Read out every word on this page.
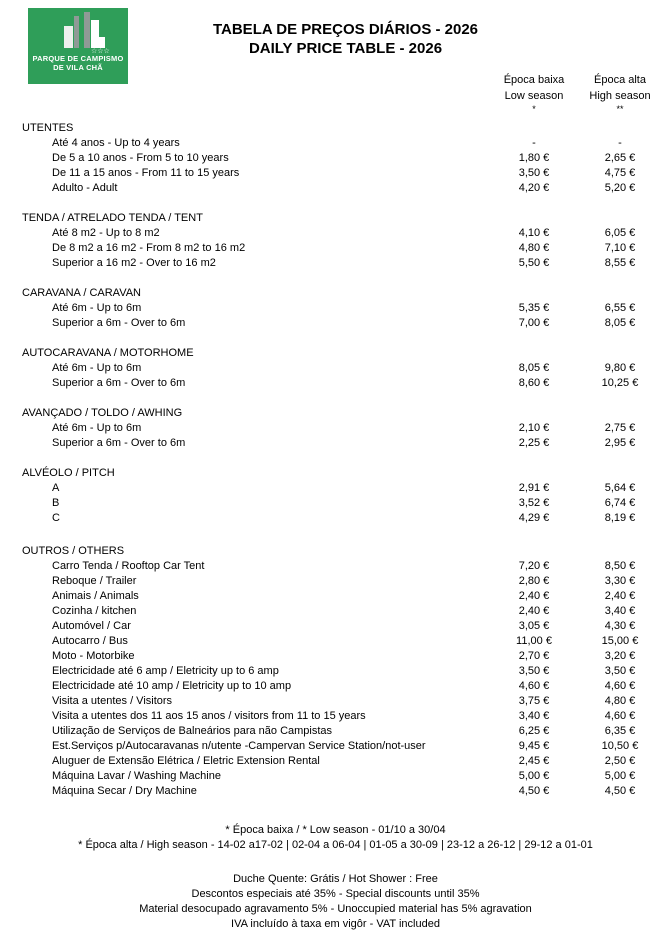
☆☆☆
PARQUE DE CAMPISMO
DE VILA CHÃ
TABELA DE PREÇOS DIÁRIOS - 2026
DAILY PRICE TABLE - 2026
Época baixa
Low season
*
Época alta
High season
**
UTENTES
Até 4 anos - Up to 4 years	-	-
De 5 a 10 anos - From 5 to 10 years	1,80 €	2,65 €
De 11 a 15 anos - From 11 to 15 years	3,50 €	4,75 €
Adulto - Adult	4,20 €	5,20 €
TENDA / ATRELADO TENDA / TENT
Até 8 m2 - Up to 8 m2	4,10 €	6,05 €
De 8 m2 a 16 m2 - From 8 m2 to 16 m2	4,80 €	7,10 €
Superior a 16 m2 - Over to 16 m2	5,50 €	8,55 €
CARAVANA / CARAVAN
Até 6m - Up to 6m	5,35 €	6,55 €
Superior a 6m - Over to 6m	7,00 €	8,05 €
AUTOCARAVANA / MOTORHOME
Até 6m - Up to 6m	8,05 €	9,80 €
Superior a 6m - Over to 6m	8,60 €	10,25 €
AVANÇADO / TOLDO / AWHING
Até 6m - Up to 6m	2,10 €	2,75 €
Superior a 6m - Over to 6m	2,25 €	2,95 €
ALVÉOLO / PITCH
A	2,91 €	5,64 €
B	3,52 €	6,74 €
C	4,29 €	8,19 €
OUTROS / OTHERS
Carro Tenda / Rooftop Car Tent	7,20 €	8,50 €
Reboque / Trailer	2,80 €	3,30 €
Animais / Animals	2,40 €	2,40 €
Cozinha / kitchen	2,40 €	3,40 €
Automóvel / Car	3,05 €	4,30 €
Autocarro / Bus	11,00 €	15,00 €
Moto - Motorbike	2,70 €	3,20 €
Electricidade até 6 amp / Eletricity up to 6 amp	3,50 €	3,50 €
Electricidade até 10 amp / Eletricity up to 10 amp	4,60 €	4,60 €
Visita a utentes / Visitors	3,75 €	4,80 €
Visita a utentes dos 11 aos 15 anos / visitors from 11 to 15 years	3,40 €	4,60 €
Utilização de Serviços de Balneários para não Campistas	6,25 €	6,35 €
Est.Serviços p/Autocaravanas n/utente -Campervan Service Station/not-user	9,45 €	10,50 €
Aluguer de Extensão Elétrica / Eletric Extension Rental	2,45 €	2,50 €
Máquina Lavar / Washing Machine	5,00 €	5,00 €
Máquina Secar / Dry Machine	4,50 €	4,50 €
* Época baixa / * Low season - 01/10 a 30/04
* Época alta / High season - 14-02 a17-02 | 02-04 a 06-04 | 01-05 a 30-09 | 23-12 a 26-12 | 29-12 a 01-01
Duche Quente: Grátis / Hot Shower : Free
Descontos especiais até 35% - Special discounts until 35%
Material desocupado agravamento 5% - Unoccupied material has 5% agravation
IVA incluído à taxa em vigôr - VAT included
